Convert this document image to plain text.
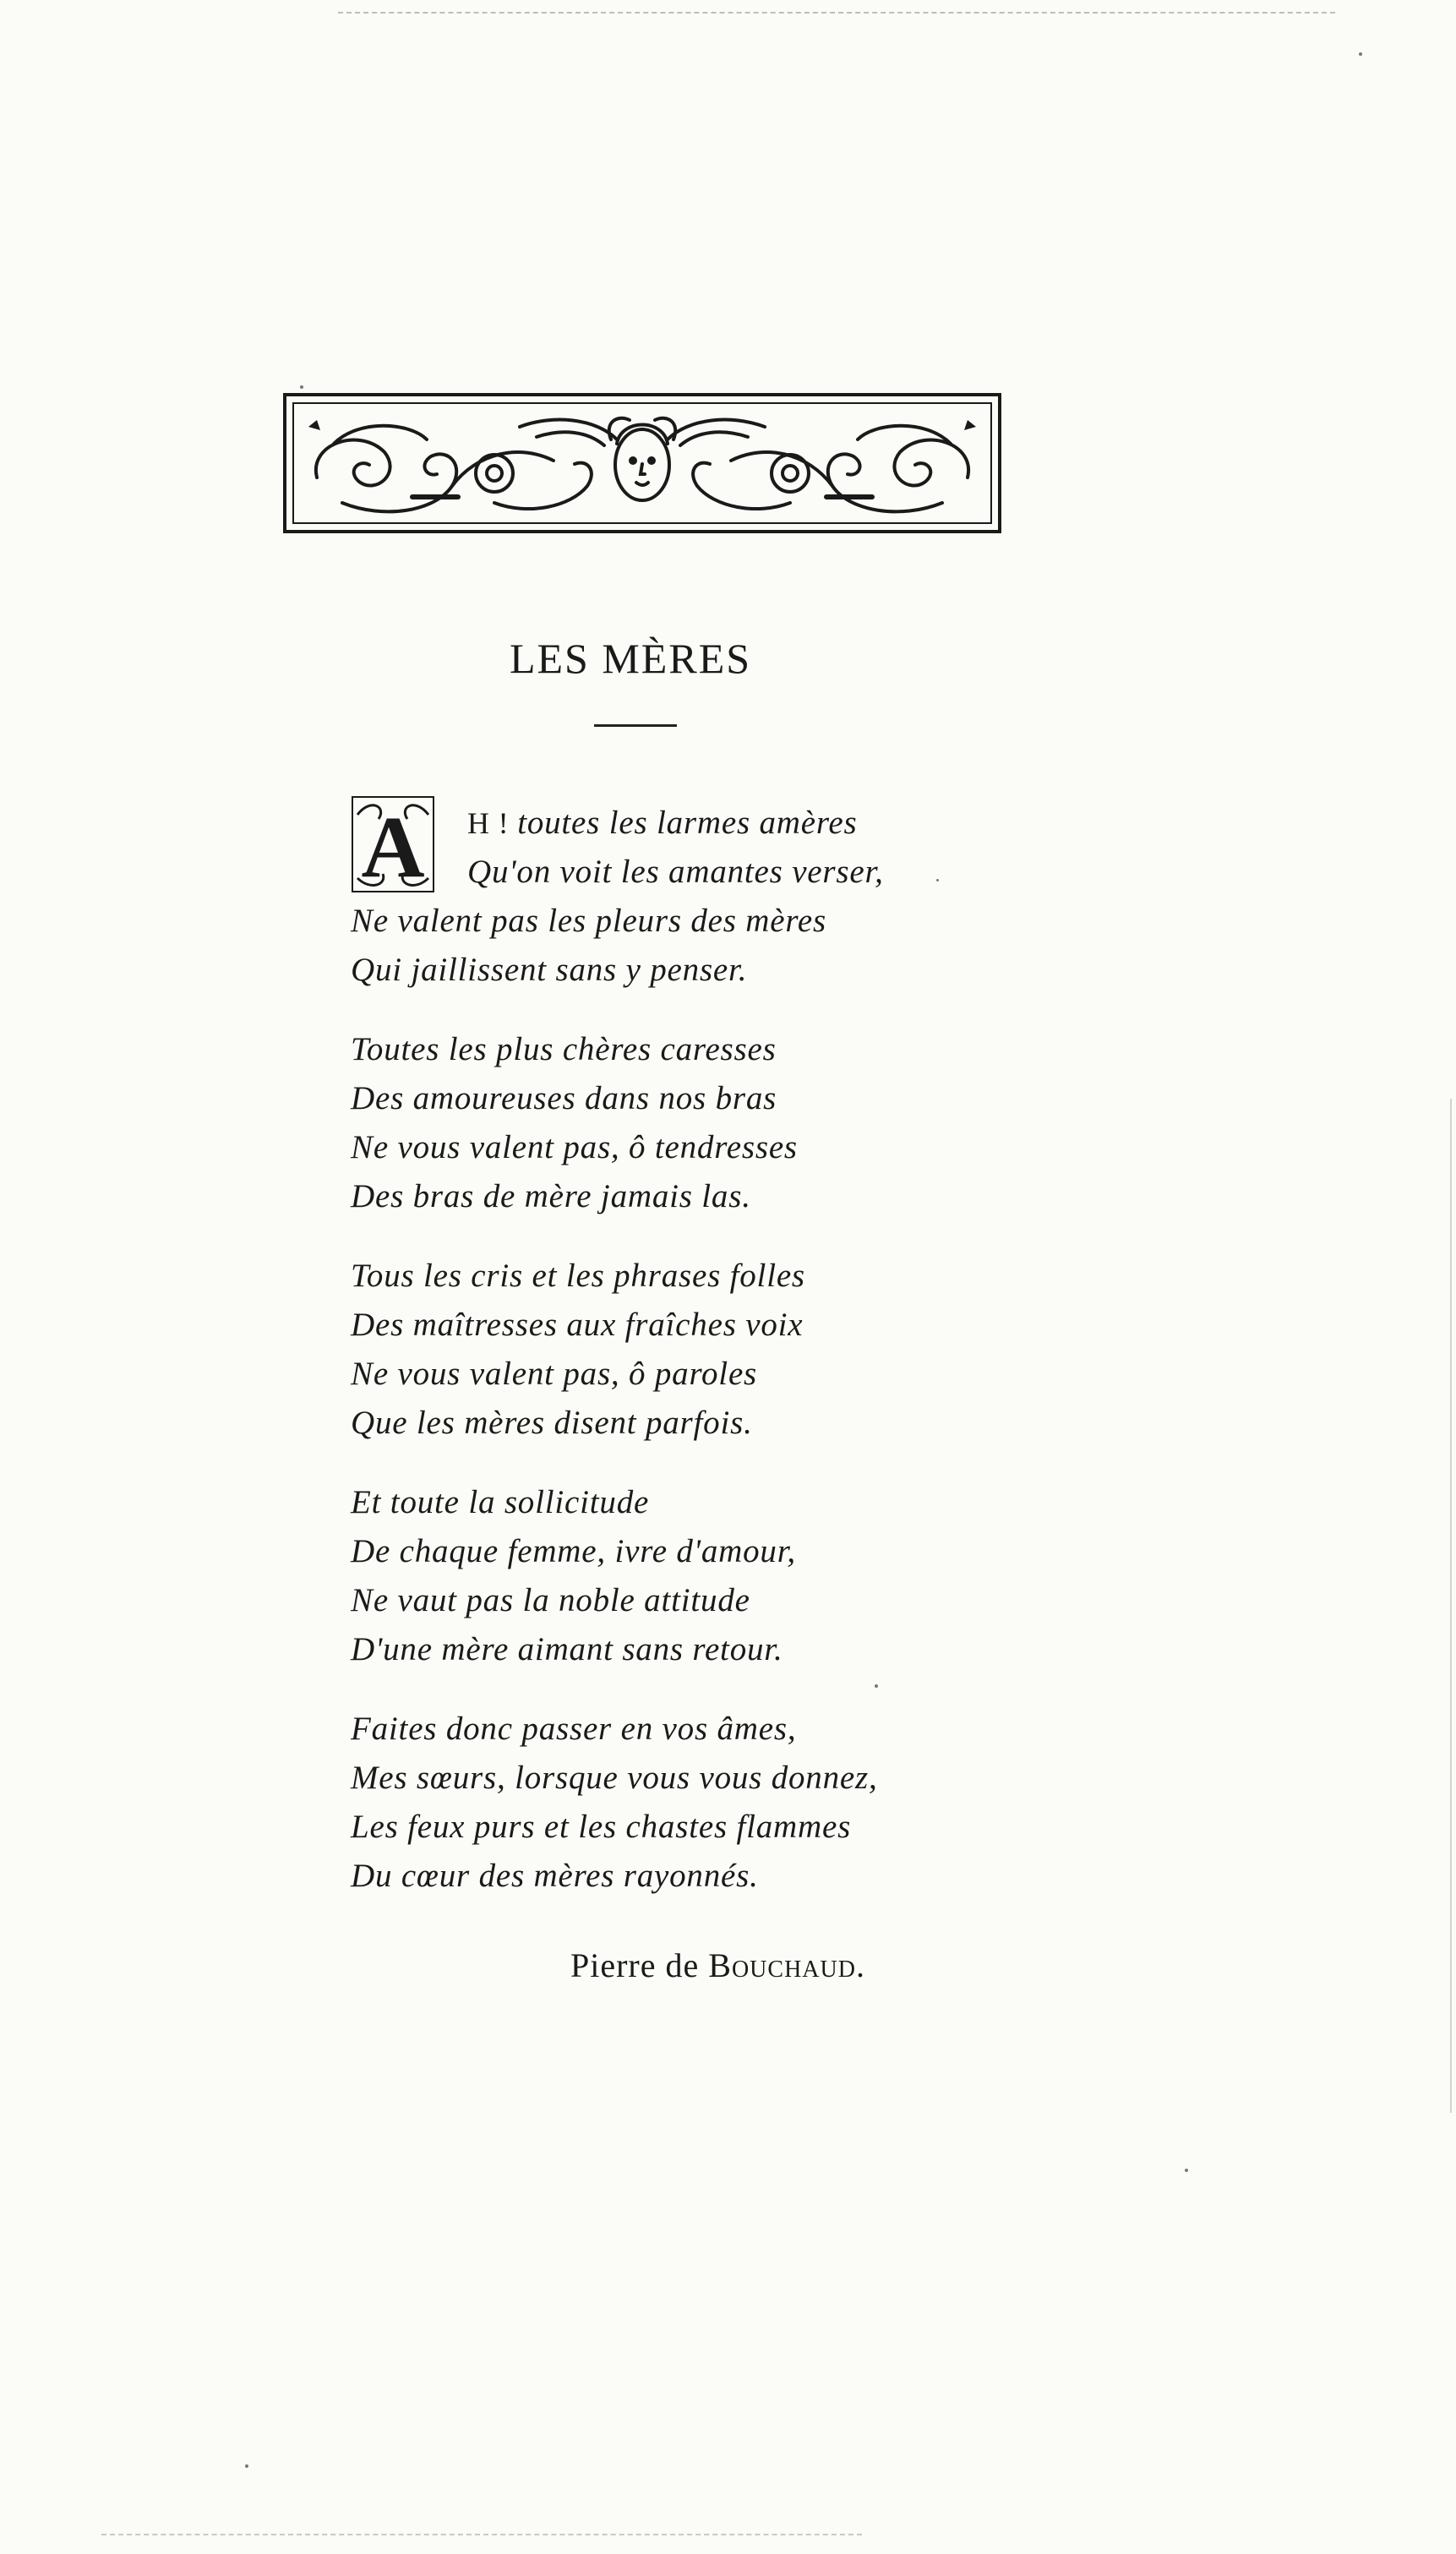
LES MÈRES
A	H ! toutes les larmes amères
Qu'on voit les amantes verser,
Ne valent pas les pleurs des mères
Qui jaillissent sans y penser.
Toutes les plus chères caresses
Des amoureuses dans nos bras
Ne vous valent pas, ô tendresses
Des bras de mère jamais las.
Tous les cris et les phrases folles
Des maîtresses aux fraîches voix
Ne vous valent pas, ô paroles
Que les mères disent parfois.
Et toute la sollicitude
De chaque femme, ivre d'amour,
Ne vaut pas la noble attitude
D'une mère aimant sans retour.
Faites donc passer en vos âmes,
Mes sœurs, lorsque vous vous donnez,
Les feux purs et les chastes flammes
Du cœur des mères rayonnés.
Pierre de Bouchaud.
